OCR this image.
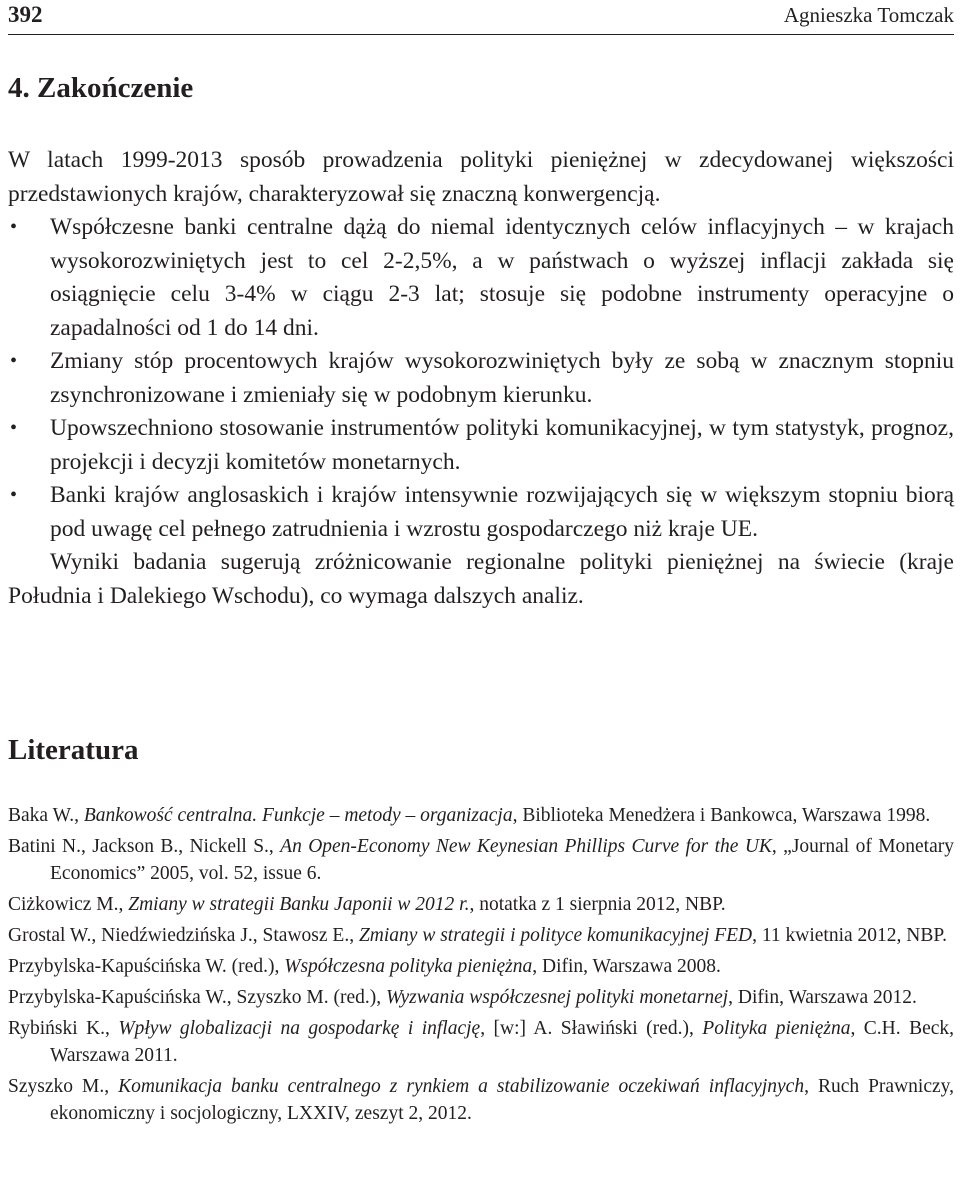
392	Agnieszka Tomczak
4. Zakończenie

W latach 1999-2013 sposób prowadzenia polityki pieniężnej w zdecydowanej większości przedstawionych krajów, charakteryzował się znaczną konwergencją.

• Współczesne banki centralne dążą do niemal identycznych celów inflacyjnych – w krajach wysokorozwiniętych jest to cel 2-2,5%, a w państwach o wyższej inflacji zakłada się osiągnięcie celu 3-4% w ciągu 2-3 lat; stosuje się podobne instrumenty operacyjne o zapadalności od 1 do 14 dni.
• Zmiany stóp procentowych krajów wysokorozwiniętych były ze sobą w znacznym stopniu zsynchronizowane i zmieniały się w podobnym kierunku.
• Upowszechniono stosowanie instrumentów polityki komunikacyjnej, w tym statystyk, prognoz, projekcji i decyzji komitetów monetarnych.
• Banki krajów anglosaskich i krajów intensywnie rozwijających się w większym stopniu biorą pod uwagę cel pełnego zatrudnienia i wzrostu gospodarczego niż kraje UE.

Wyniki badania sugerują zróżnicowanie regionalne polityki pieniężnej na świecie (kraje Południa i Dalekiego Wschodu), co wymaga dalszych analiz.

Literatura
Baka W., Bankowość centralna. Funkcje – metody – organizacja, Biblioteka Menedżera i Bankowca, Warszawa 1998.
Batini N., Jackson B., Nickell S., An Open-Economy New Keynesian Phillips Curve for the UK, „Journal of Monetary Economics” 2005, vol. 52, issue 6.
Ciżkowicz M., Zmiany w strategii Banku Japonii w 2012 r., notatka z 1 sierpnia 2012, NBP.
Grostal W., Niedźwiedzińska J., Stawosz E., Zmiany w strategii i polityce komunikacyjnej FED, 11 kwietnia 2012, NBP.
Przybylska-Kapuścińska W. (red.), Współczesna polityka pieniężna, Difin, Warszawa 2008.
Przybylska-Kapuścińska W., Szyszko M. (red.), Wyzwania współczesnej polityki monetarnej, Difin, Warszawa 2012.
Rybiński K., Wpływ globalizacji na gospodarkę i inflację, [w:] A. Sławiński (red.), Polityka pieniężna, C.H. Beck, Warszawa 2011.
Szyszko M., Komunikacja banku centralnego z rynkiem a stabilizowanie oczekiwań inflacyjnych, Ruch Prawniczy, ekonomiczny i socjologiczny, LXXIV, zeszyt 2, 2012.
